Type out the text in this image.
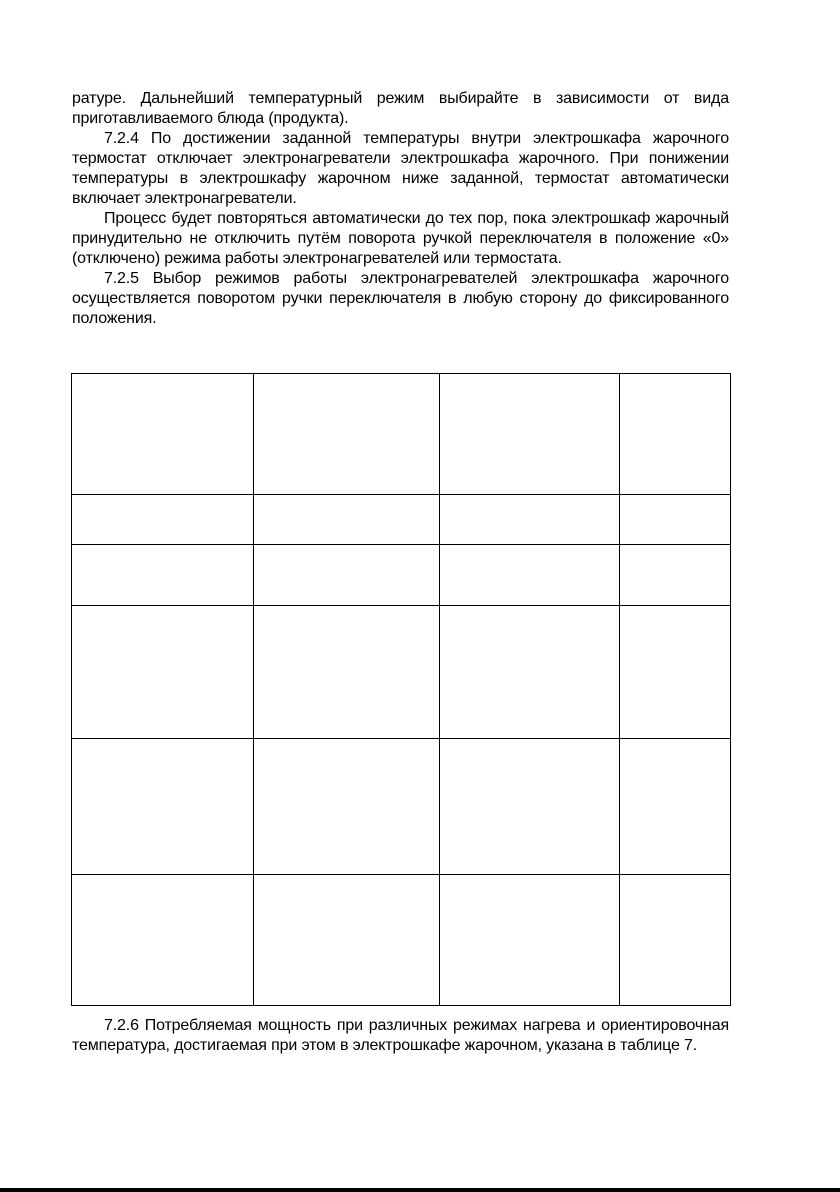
ратуре. Дальнейший температурный режим выбирайте в зависимости от вида приготавливаемого блюда (продукта).

7.2.4 По достижении заданной температуры внутри электрошкафа жарочного термостат отключает электронагреватели электрошкафа жарочного. При понижении температуры в электрошкафу жарочном ниже заданной, термостат автоматически включает электронагреватели.

Процесс будет повторяться автоматически до тех пор, пока электрошкаф жарочный принудительно не отключить путём поворота ручкой переключателя в положение «0» (отключено) режима работы электронагревателей или термостата.

7.2.5 Выбор режимов работы электронагревателей электрошкафа жарочного осуществляется поворотом ручки переключателя в любую сторону до фиксированного положения.

7.2.6 Потребляемая мощность при различных режимах нагрева и ориентировочная температура, достигаемая при этом в электрошкафе жарочном, указана в таблице 7.
